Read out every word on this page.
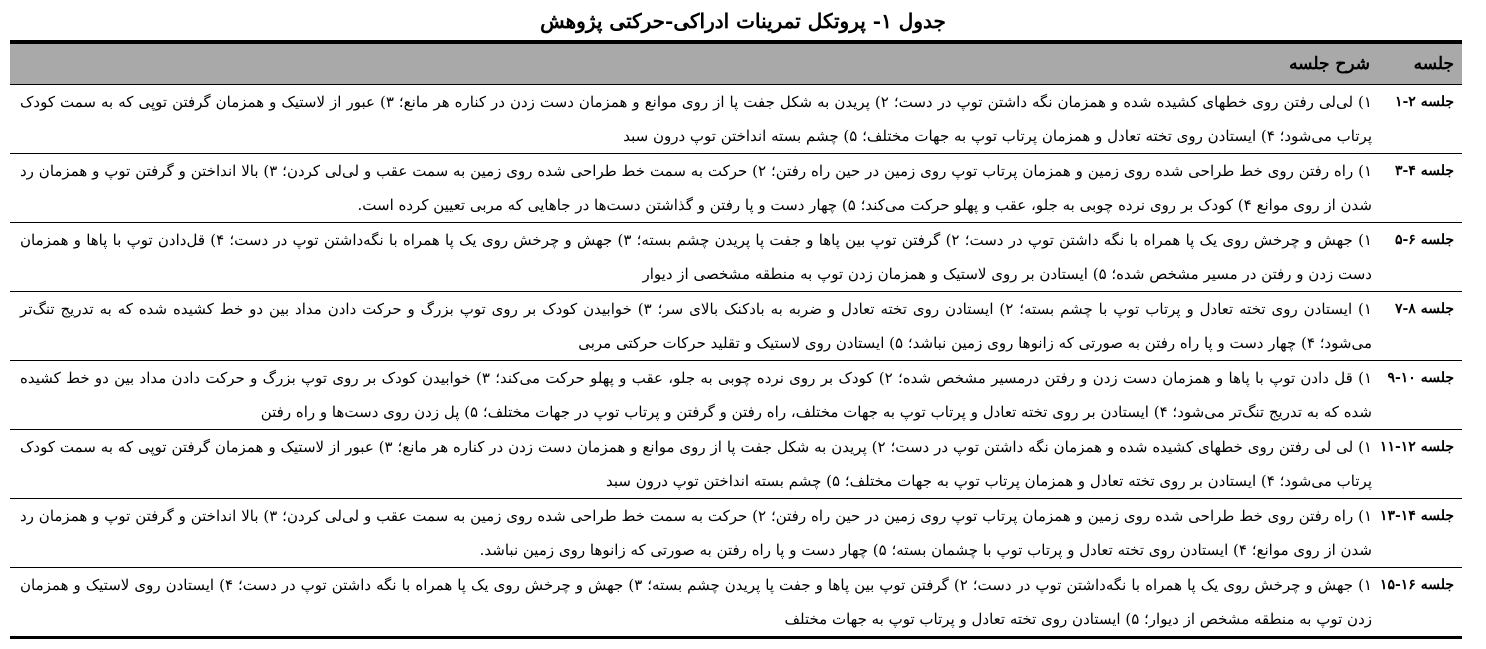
جدول ۱- پروتکل تمرینات ادراکی-حرکتی پژوهش
جلسه	شرح جلسه
جلسه ۲-۱	۱) لی‌لی رفتن روی خطهای کشیده شده و همزمان نگه داشتن توپ در دست؛ ۲) پریدن به شکل جفت پا از روی موانع و همزمان دست زدن در کناره هر مانع؛ ۳) عبور از لاستیک و همزمان گرفتن توپی که به سمت کودک پرتاب می‌شود؛ ۴) ایستادن روی تخته تعادل و همزمان پرتاب توپ به جهات مختلف؛ ۵) چشم بسته انداختن توپ درون سبد
جلسه ۴-۳	۱) راه رفتن روی خط طراحی شده روی زمین و همزمان پرتاب توپ روی زمین در حین راه رفتن؛ ۲) حرکت به سمت خط طراحی شده روی زمین به سمت عقب و لی‌لی کردن؛ ۳) بالا انداختن و گرفتن توپ و همزمان رد شدن از روی موانع ۴) کودک بر روی نرده چوبی به جلو، عقب و پهلو حرکت می‌کند؛ ۵) چهار دست و پا رفتن و گذاشتن دست‌ها در جاهایی که مربی تعیین کرده است.
جلسه ۶-۵	۱) جهش و چرخش روی یک پا همراه با نگه داشتن توپ در دست؛ ۲) گرفتن توپ بین پاها و جفت پا پریدن چشم بسته؛ ۳) جهش و چرخش روی یک پا همراه با نگه‌داشتن توپ در دست؛ ۴) قل‌دادن توپ با پاها و همزمان دست زدن و رفتن در مسیر مشخص شده؛ ۵) ایستادن بر روی لاستیک و همزمان زدن توپ به منطقه مشخصی از دیوار
جلسه ۸-۷	۱) ایستادن روی تخته تعادل و پرتاب توپ با چشم بسته؛ ۲) ایستادن روی تخته تعادل و ضربه به بادکنک بالای سر؛ ۳) خوابیدن کودک بر روی توپ بزرگ و حرکت دادن مداد بین دو خط کشیده شده که به تدریج تنگ‌تر می‌شود؛ ۴) چهار دست و پا راه رفتن به صورتی که زانوها روی زمین نباشد؛ ۵) ایستادن روی لاستیک و تقلید حرکات حرکتی مربی
جلسه ۱۰-۹	۱) قل دادن توپ با پاها و همزمان دست زدن و رفتن درمسیر مشخص شده؛ ۲) کودک بر روی نرده چوبی به جلو، عقب و پهلو حرکت می‌کند؛ ۳) خوابیدن کودک بر روی توپ بزرگ و حرکت دادن مداد بین دو خط کشیده شده که به تدریج تنگ‌تر می‌شود؛ ۴) ایستادن بر روی تخته تعادل و پرتاب توپ به جهات مختلف، راه رفتن و گرفتن و پرتاب توپ در جهات مختلف؛ ۵) پل زدن روی دست‌ها و راه رفتن
جلسه ۱۲-۱۱	۱) لی لی رفتن روی خطهای کشیده شده و همزمان نگه داشتن توپ در دست؛ ۲) پریدن به شکل جفت پا از روی موانع و همزمان دست زدن در کناره هر مانع؛ ۳) عبور از لاستیک و همزمان گرفتن توپی که به سمت کودک پرتاب می‌شود؛ ۴) ایستادن بر روی تخته تعادل و همزمان پرتاب توپ به جهات مختلف؛ ۵) چشم بسته انداختن توپ درون سبد
جلسه ۱۴-۱۳	۱) راه رفتن روی خط طراحی شده روی زمین و همزمان پرتاب توپ روی زمین در حین راه رفتن؛ ۲) حرکت به سمت خط طراحی شده روی زمین به سمت عقب و لی‌لی کردن؛ ۳) بالا انداختن و گرفتن توپ و همزمان رد شدن از روی موانع؛ ۴) ایستادن روی تخته تعادل و پرتاب توپ با چشمان بسته؛ ۵) چهار دست و پا راه رفتن به صورتی که زانوها روی زمین نباشد.
جلسه ۱۶-۱۵	۱) جهش و چرخش روی یک پا همراه با نگه‌داشتن توپ در دست؛ ۲) گرفتن توپ بین پاها و جفت پا پریدن چشم بسته؛ ۳) جهش و چرخش روی یک پا همراه با نگه داشتن توپ در دست؛ ۴) ایستادن روی لاستیک و همزمان زدن توپ به منطقه مشخص از دیوار؛ ۵) ایستادن روی تخته تعادل و پرتاب توپ به جهات مختلف
